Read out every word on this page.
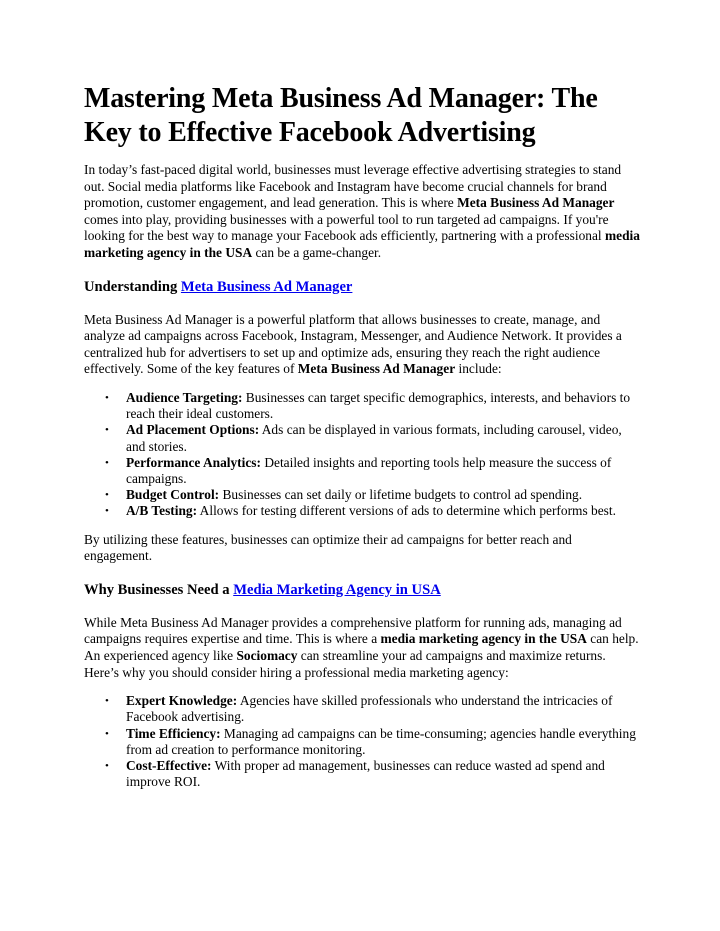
Mastering Meta Business Ad Manager: The Key to Effective Facebook Advertising

In today’s fast-paced digital world, businesses must leverage effective advertising strategies to stand out. Social media platforms like Facebook and Instagram have become crucial channels for brand promotion, customer engagement, and lead generation. This is where Meta Business Ad Manager comes into play, providing businesses with a powerful tool to run targeted ad campaigns. If you're looking for the best way to manage your Facebook ads efficiently, partnering with a professional media marketing agency in the USA can be a game-changer.

Understanding Meta Business Ad Manager

Meta Business Ad Manager is a powerful platform that allows businesses to create, manage, and analyze ad campaigns across Facebook, Instagram, Messenger, and Audience Network. It provides a centralized hub for advertisers to set up and optimize ads, ensuring they reach the right audience effectively. Some of the key features of Meta Business Ad Manager include:

• Audience Targeting: Businesses can target specific demographics, interests, and behaviors to reach their ideal customers.
• Ad Placement Options: Ads can be displayed in various formats, including carousel, video, and stories.
• Performance Analytics: Detailed insights and reporting tools help measure the success of campaigns.
• Budget Control: Businesses can set daily or lifetime budgets to control ad spending.
• A/B Testing: Allows for testing different versions of ads to determine which performs best.

By utilizing these features, businesses can optimize their ad campaigns for better reach and engagement.

Why Businesses Need a Media Marketing Agency in USA

While Meta Business Ad Manager provides a comprehensive platform for running ads, managing ad campaigns requires expertise and time. This is where a media marketing agency in the USA can help. An experienced agency like Sociomacy can streamline your ad campaigns and maximize returns. Here’s why you should consider hiring a professional media marketing agency:

• Expert Knowledge: Agencies have skilled professionals who understand the intricacies of Facebook advertising.
• Time Efficiency: Managing ad campaigns can be time-consuming; agencies handle everything from ad creation to performance monitoring.
• Cost-Effective: With proper ad management, businesses can reduce wasted ad spend and improve ROI.
